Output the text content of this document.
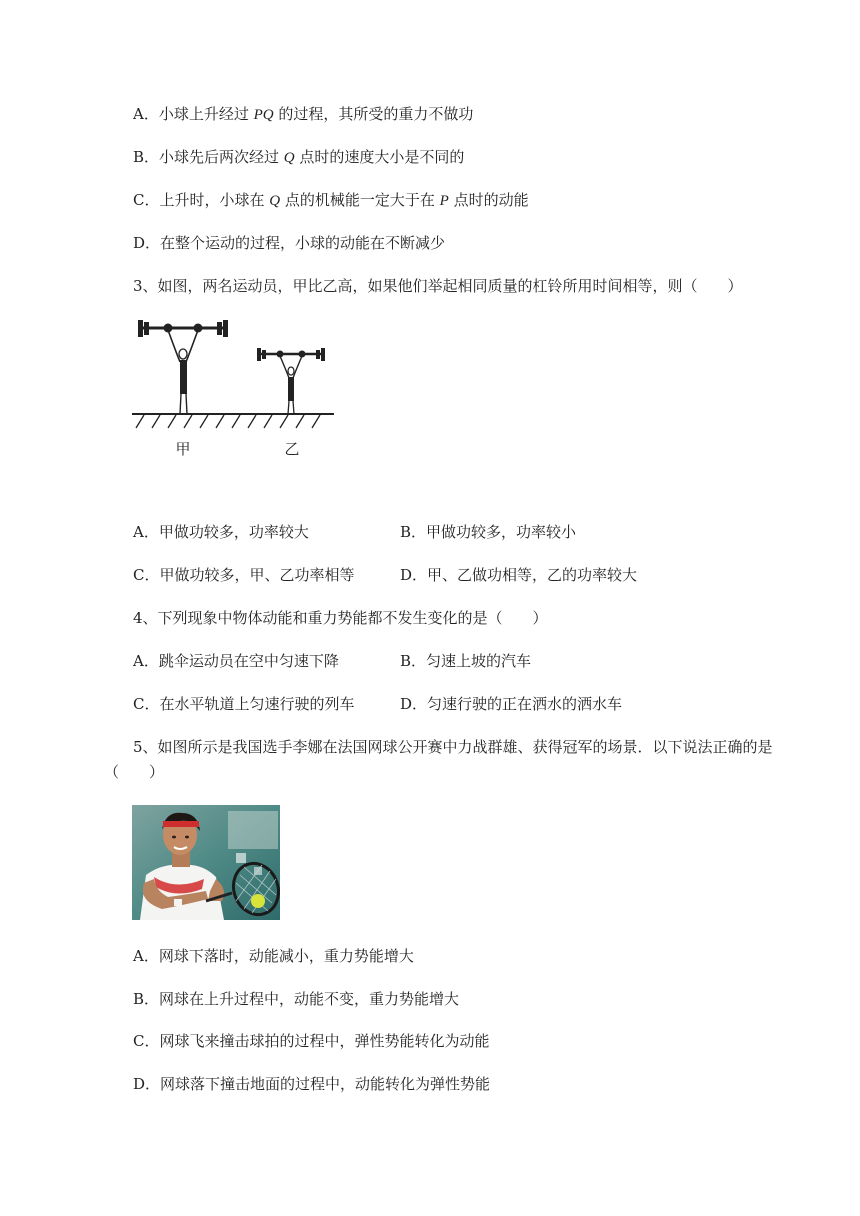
A．小球上升经过 PQ 的过程，其所受的重力不做功
B．小球先后两次经过 Q 点时的速度大小是不同的
C．上升时，小球在 Q 点的机械能一定大于在 P 点时的动能
D．在整个运动的过程，小球的动能在不断减少
3、如图，两名运动员，甲比乙高，如果他们举起相同质量的杠铃所用时间相等，则（　　）
甲	乙
A．甲做功较多，功率较大	B．甲做功较多，功率较小
C．甲做功较多，甲、乙功率相等	D．甲、乙做功相等，乙的功率较大
4、下列现象中物体动能和重力势能都不发生变化的是（　　）
A．跳伞运动员在空中匀速下降	B．匀速上坡的汽车
C．在水平轨道上匀速行驶的列车	D．匀速行驶的正在洒水的洒水车
5、如图所示是我国选手李娜在法国网球公开赛中力战群雄、获得冠军的场景．以下说法正确的是
（　　）
A．网球下落时，动能减小，重力势能增大
B．网球在上升过程中，动能不变，重力势能增大
C．网球飞来撞击球拍的过程中，弹性势能转化为动能
D．网球落下撞击地面的过程中，动能转化为弹性势能
